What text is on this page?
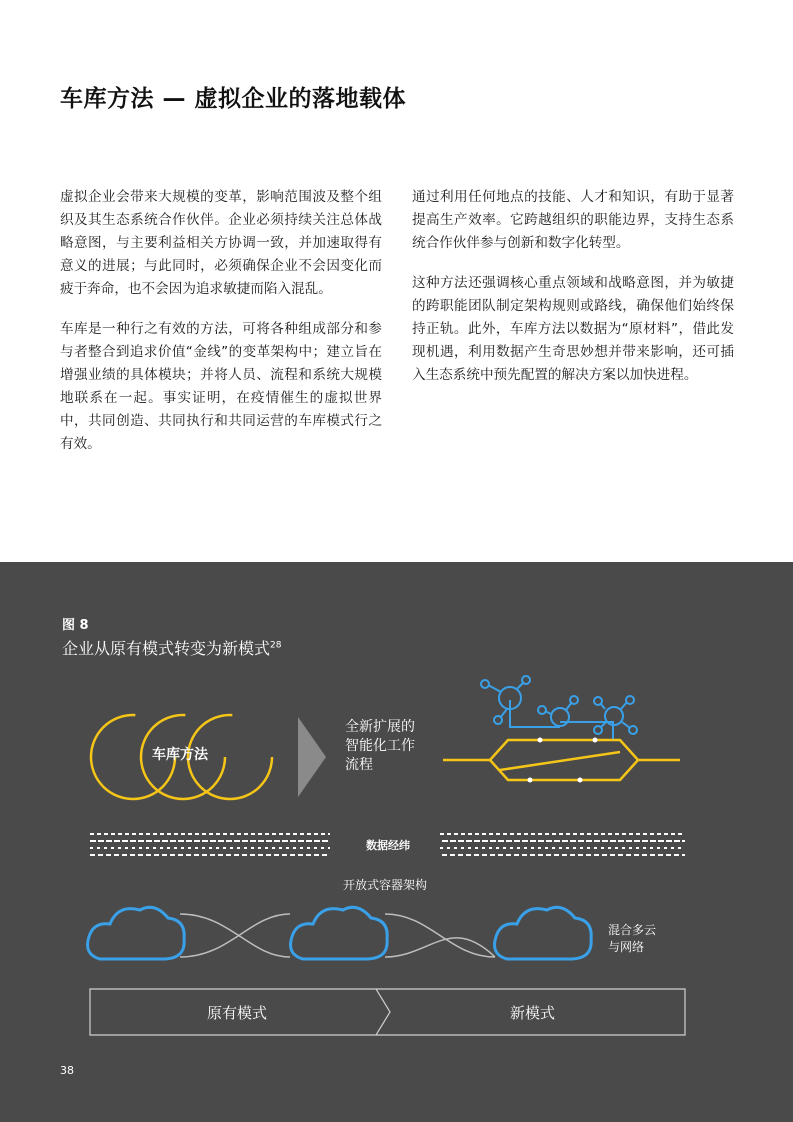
车库方法 — 虚拟企业的落地载体

虚拟企业会带来大规模的变革，影响范围波及整个组织及其生态系统合作伙伴。企业必须持续关注总体战略意图，与主要利益相关方协调一致，并加速取得有意义的进展；与此同时，必须确保企业不会因变化而疲于奔命，也不会因为追求敏捷而陷入混乱。

车库是一种行之有效的方法，可将各种组成部分和参与者整合到追求价值“金线”的变革架构中；建立旨在增强业绩的具体模块；并将人员、流程和系统大规模地联系在一起。事实证明，在疫情催生的虚拟世界中，共同创造、共同执行和共同运营的车库模式行之有效。

通过利用任何地点的技能、人才和知识，有助于显著提高生产效率。它跨越组织的职能边界，支持生态系统合作伙伴参与创新和数字化转型。

这种方法还强调核心重点领域和战略意图，并为敏捷的跨职能团队制定架构规则或路线，确保他们始终保持正轨。此外，车库方法以数据为“原材料”，借此发现机遇，利用数据产生奇思妙想并带来影响，还可插入生态系统中预先配置的解决方案以加快进程。

图 8
企业从原有模式转变为新模式$^{28}$
车库方法
全新扩展的
智能化工作
流程
数据经纬
开放式容器架构
混合多云
与网络
原有模式	新模式
38
